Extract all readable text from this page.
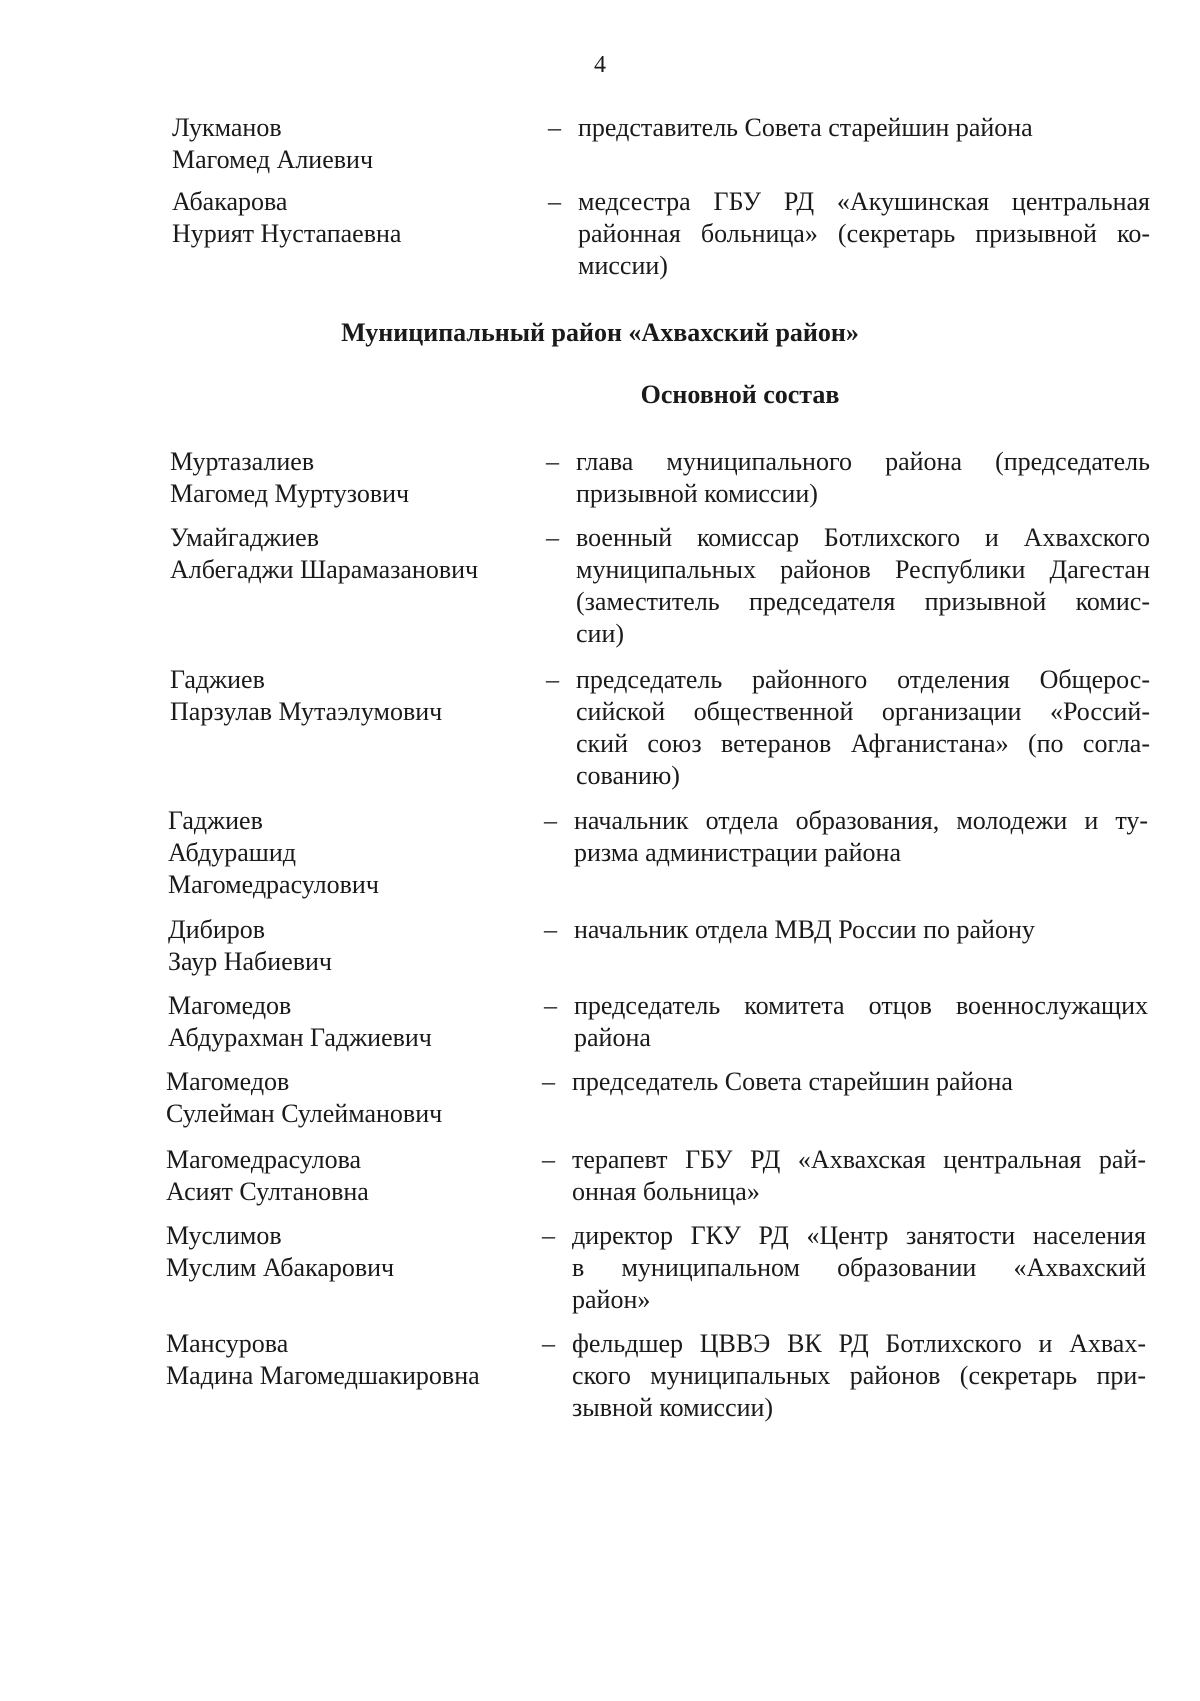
4
Муниципальный район «Ахвахский район»
Основной состав
Лукманов
Магомед Алиевич
– представитель Совета старейшин района
Абакарова
Нурият Нустапаевна
– медсестра ГБУ РД «Акушинская центральная
районная больница» (секретарь призывной ко-
миссии)
Муртазалиев
Магомед Муртузович
– глава муниципального района (председатель
призывной комиссии)
Умайгаджиев
Албегаджи Шарамазанович
– военный комиссар Ботлихского и Ахвахского
муниципальных районов Республики Дагестан
(заместитель председателя призывной комис-
сии)
Гаджиев
Парзулав Мутаэлумович
– председатель районного отделения Общерос-
сийской общественной организации «Россий-
ский союз ветеранов Афганистана» (по согла-
сованию)
Гаджиев
Абдурашид
Магомедрасулович
– начальник отдела образования, молодежи и ту-
ризма администрации района
Дибиров
Заур Набиевич
– начальник отдела МВД России по району
Магомедов
Абдурахман Гаджиевич
– председатель комитета отцов военнослужащих
района
Магомедов
Сулейман Сулейманович
– председатель Совета старейшин района
Магомедрасулова
Асият Султановна
– терапевт ГБУ РД «Ахвахская центральная рай-
онная больница»
Муслимов
Муслим Абакарович
– директор ГКУ РД «Центр занятости населения
в муниципальном образовании «Ахвахский
район»
Мансурова
Мадина Магомедшакировна
– фельдшер ЦВВЭ ВК РД Ботлихского и Ахвах-
ского муниципальных районов (секретарь при-
зывной комиссии)
